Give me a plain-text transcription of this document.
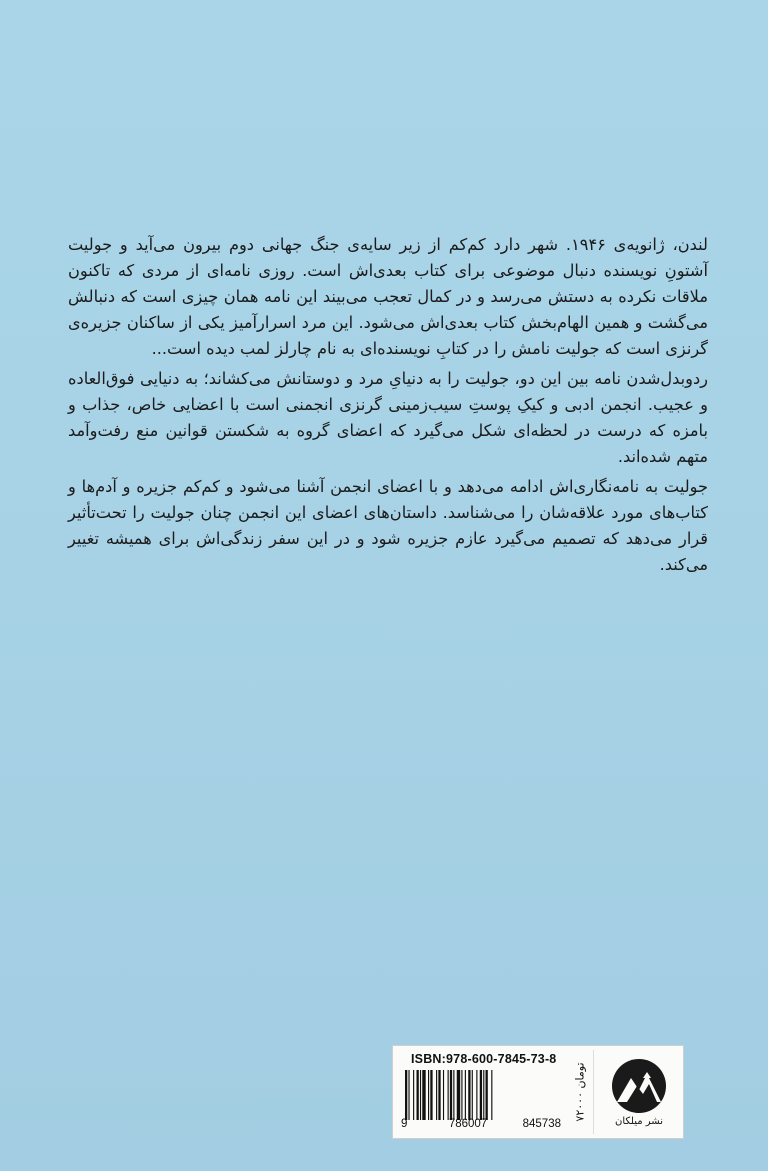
لندن، ژانویه‌ی ۱۹۴۶. شهر دارد کم‌کم از زیر سایه‌ی جنگ جهانی دوم بیرون می‌آید و جولیت آشتونِ نویسنده دنبال موضوعی برای کتاب بعدی‌اش است. روزی نامه‌ای از مردی که تاکنون ملاقات نکرده به دستش می‌رسد و در کمال تعجب می‌بیند این نامه همان چیزی است که دنبالش می‌گشت و همین الهام‌بخش کتاب بعدی‌اش می‌شود. این مرد اسرارآمیز یکی از ساکنان جزیره‌ی گرنزی است که جولیت نامش را در کتابِ نویسنده‌ای به نام چارلز لمب دیده است...

ردوبدل‌شدن نامه بین این دو، جولیت را به دنیایِ مرد و دوستانش می‌کشاند؛ به دنیایی فوق‌العاده و عجیب. انجمن ادبی و کیکِ پوستِ سیب‌زمینی گرنزی انجمنی است با اعضایی خاص، جذاب و بامزه که درست در لحظه‌ای شکل می‌گیرد که اعضای گروه به شکستن قوانین منع رفت‌وآمد متهم شده‌اند.

جولیت به نامه‌نگاری‌اش ادامه می‌دهد و با اعضای انجمن آشنا می‌شود و کم‌کم جزیره و آدم‌ها و کتاب‌های مورد علاقه‌شان را می‌شناسد. داستان‌های اعضای این انجمن چنان جولیت را تحت‌تأثیر قرار می‌دهد که تصمیم می‌گیرد عازم جزیره شود و در این سفر زندگی‌اش برای همیشه تغییر می‌کند.

ISBN:978-600-7845-73-8
9	786007	845738
۷۲۰۰۰ تومان
نشر میلکان
